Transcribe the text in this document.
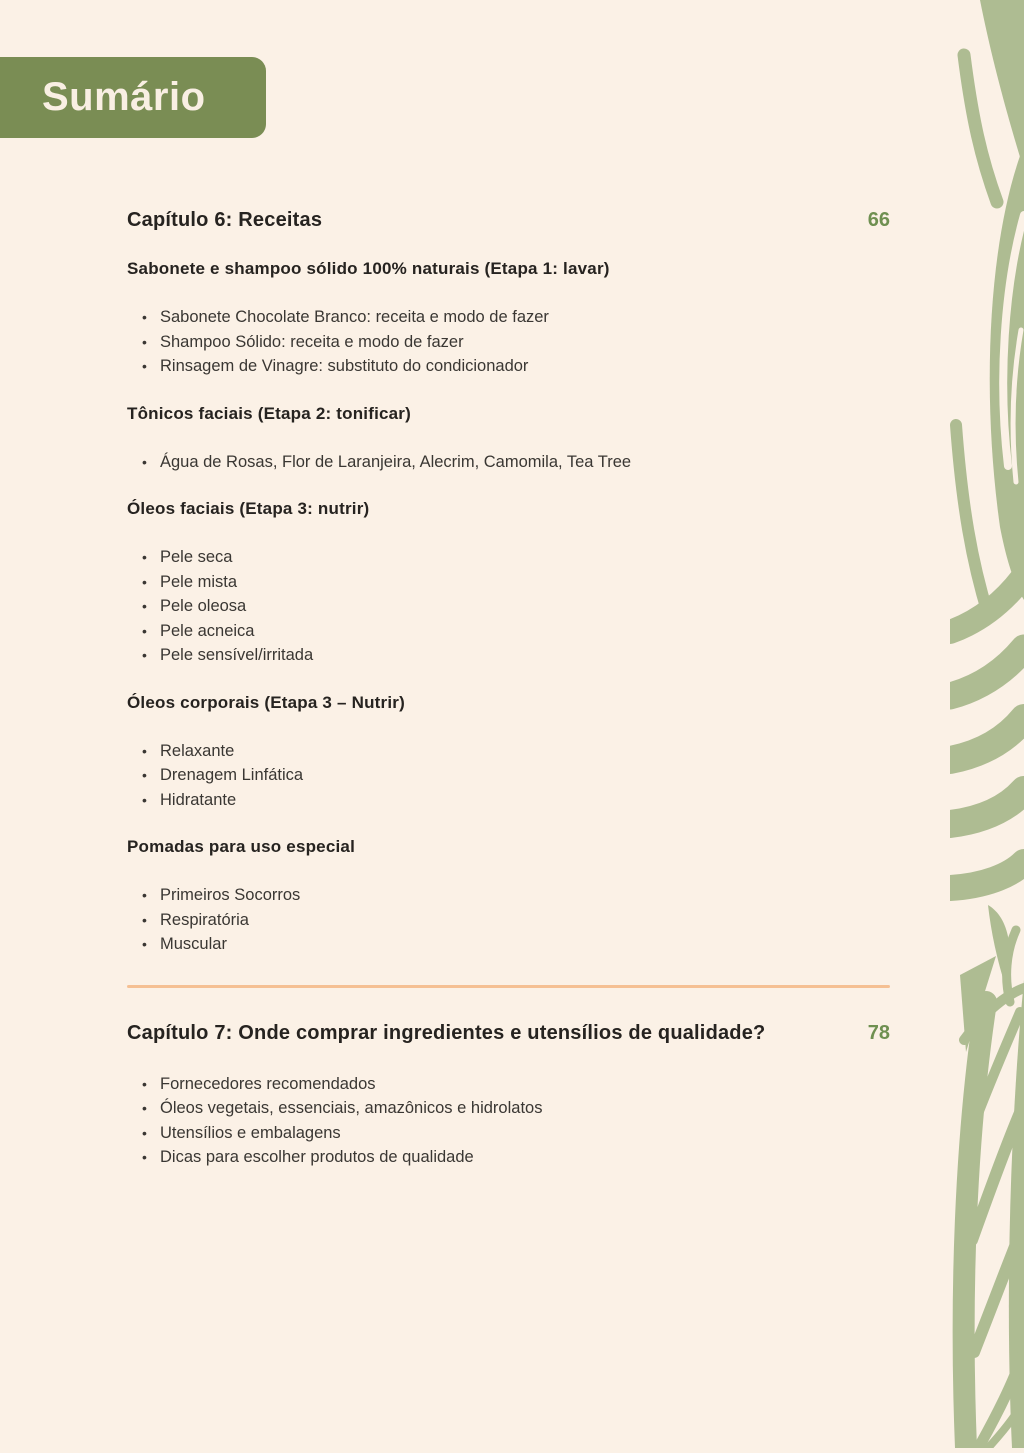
Sumário
Capítulo 6: Receitas	66
Sabonete e shampoo sólido 100% naturais (Etapa 1: lavar)
• Sabonete Chocolate Branco: receita e modo de fazer
• Shampoo Sólido: receita e modo de fazer
• Rinsagem de Vinagre: substituto do condicionador
Tônicos faciais (Etapa 2: tonificar)
• Água de Rosas, Flor de Laranjeira, Alecrim, Camomila, Tea Tree
Óleos faciais (Etapa 3: nutrir)
• Pele seca
• Pele mista
• Pele oleosa
• Pele acneica
• Pele sensível/irritada
Óleos corporais (Etapa 3 – Nutrir)
• Relaxante
• Drenagem Linfática
• Hidratante
Pomadas para uso especial
• Primeiros Socorros
• Respiratória
• Muscular
Capítulo 7: Onde comprar ingredientes e utensílios de qualidade?	78
• Fornecedores recomendados
• Óleos vegetais, essenciais, amazônicos e hidrolatos
• Utensílios e embalagens
• Dicas para escolher produtos de qualidade
